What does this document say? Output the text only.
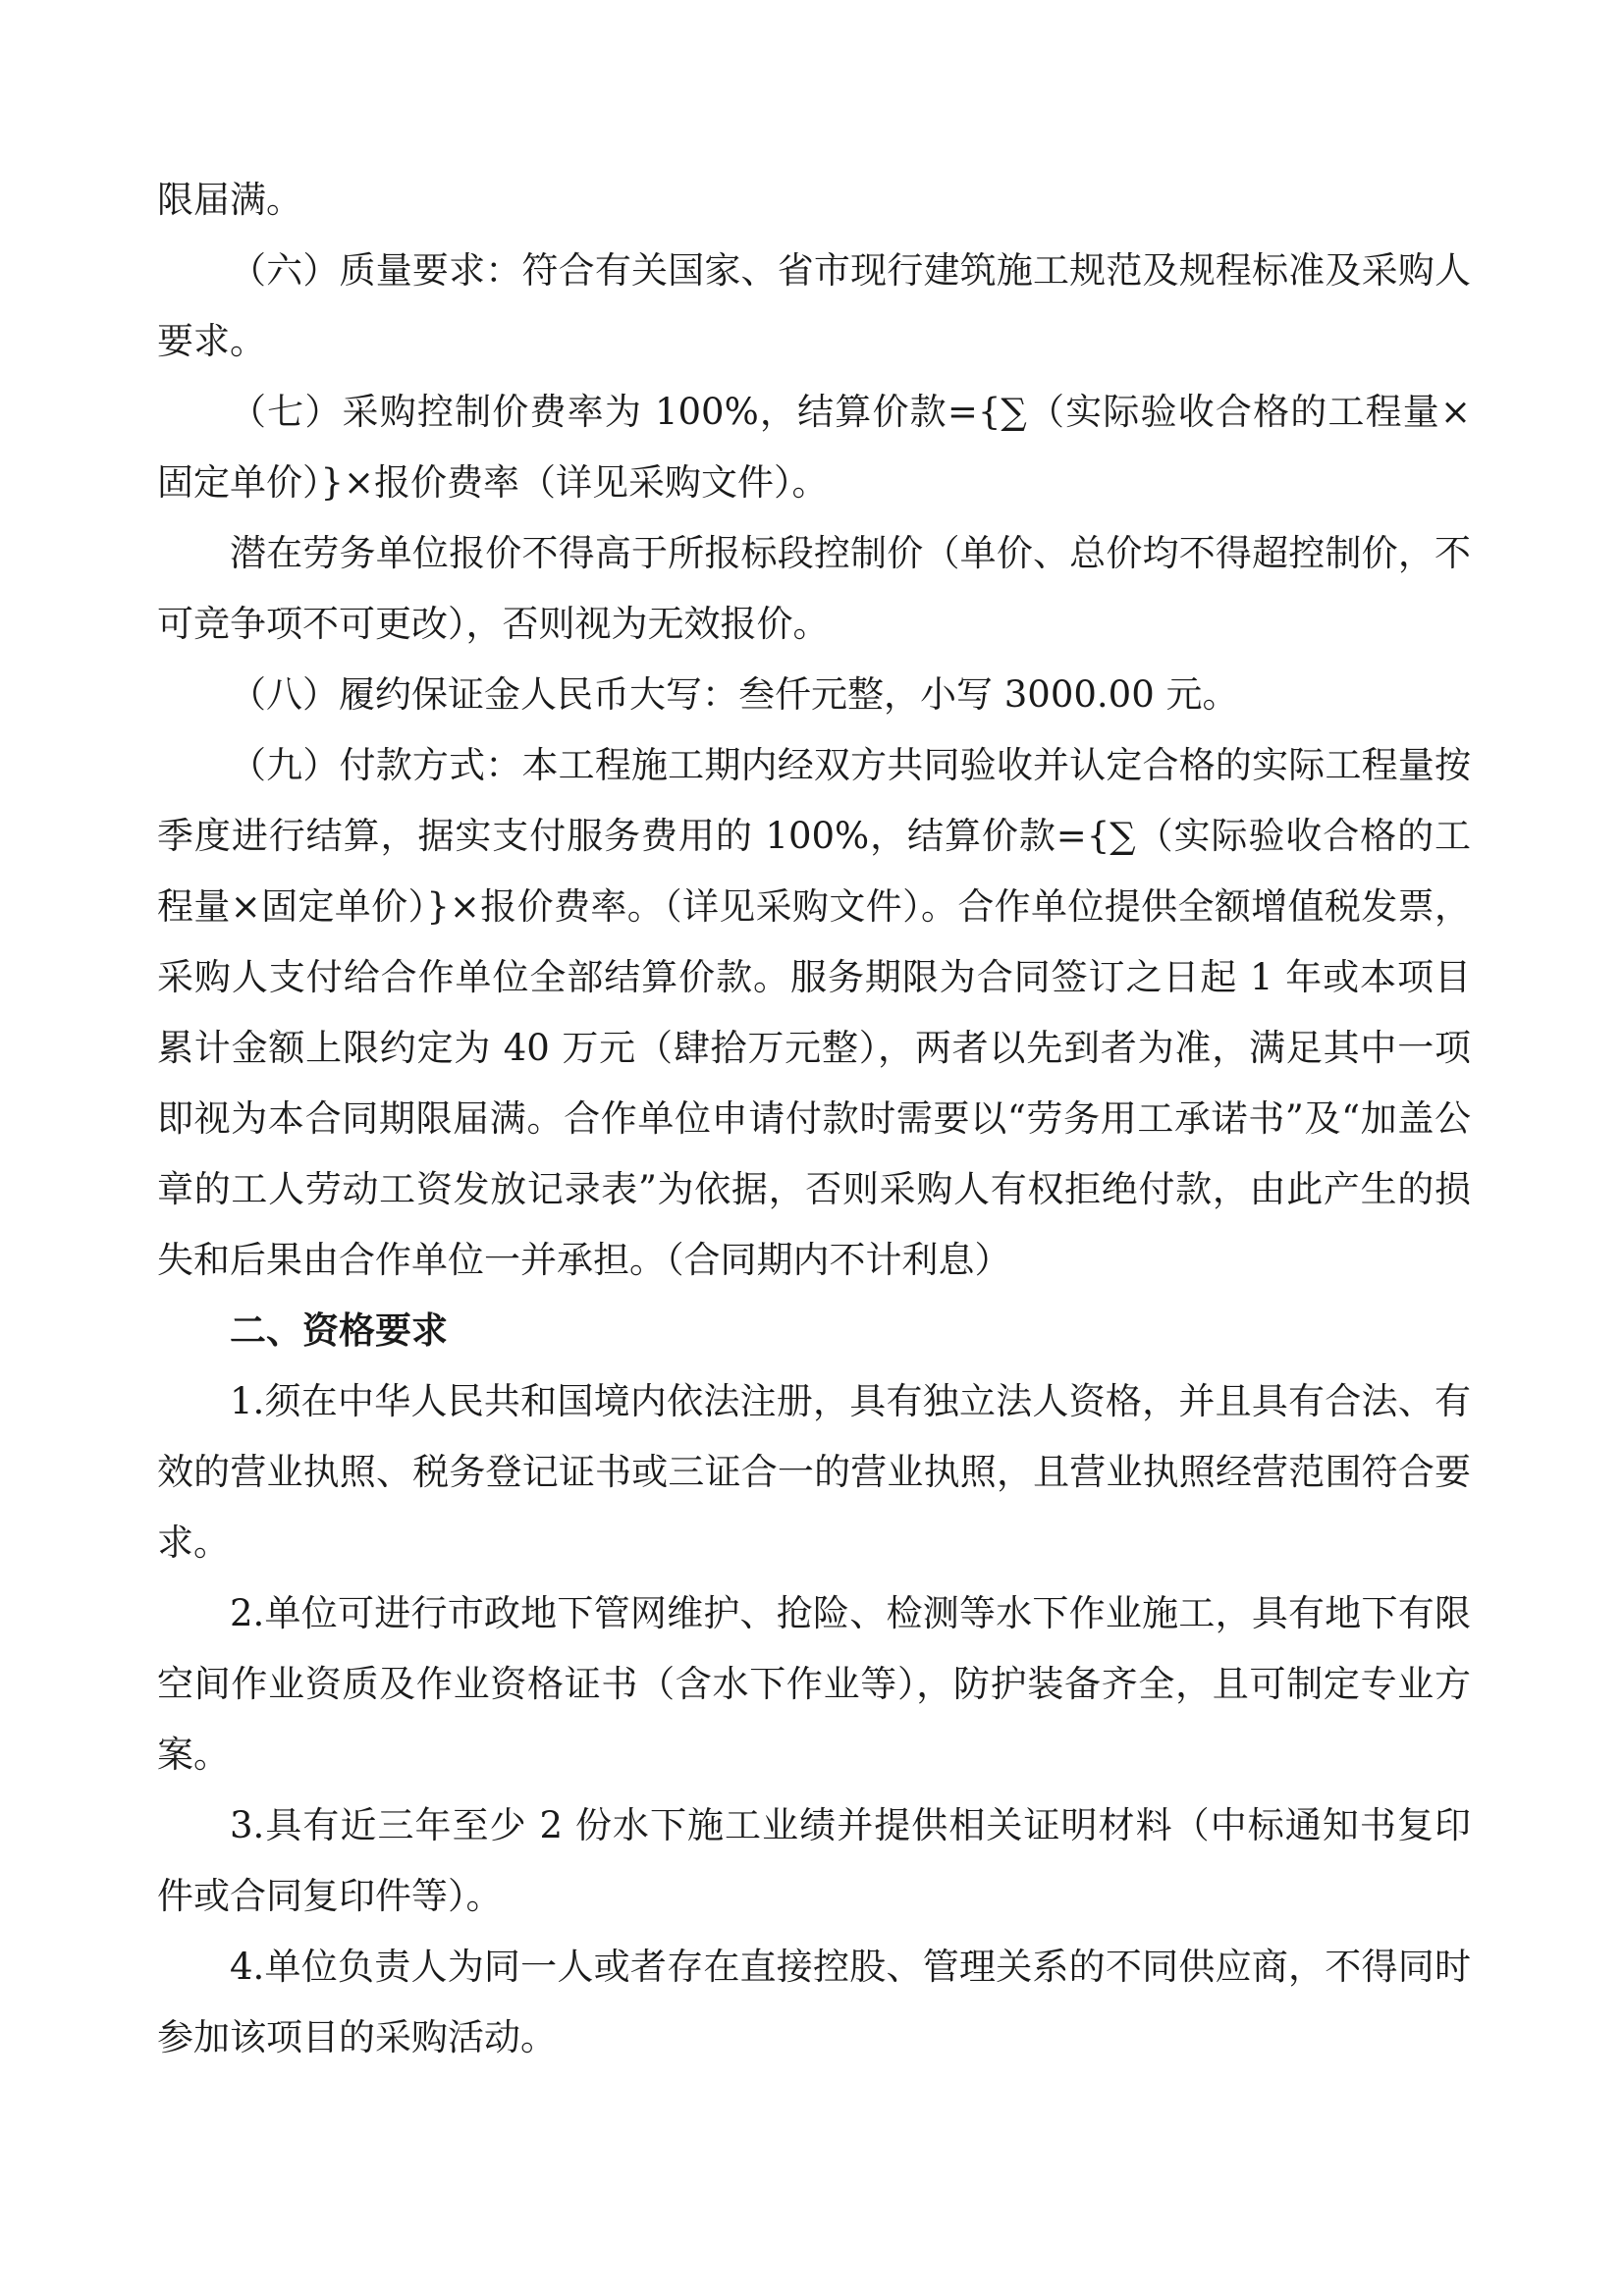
限届满。

（六）质量要求：符合有关国家、省市现行建筑施工规范及规程标准及采购人要求。

（七）采购控制价费率为 100%，结算价款={∑（实际验收合格的工程量×固定单价）}×报价费率（详见采购文件）。

潜在劳务单位报价不得高于所报标段控制价（单价、总价均不得超控制价，不可竞争项不可更改），否则视为无效报价。

（八）履约保证金人民币大写：叁仟元整，小写 3000.00 元。

（九）付款方式：本工程施工期内经双方共同验收并认定合格的实际工程量按季度进行结算，据实支付服务费用的 100%，结算价款={∑（实际验收合格的工程量×固定单价）}×报价费率。（详见采购文件）。合作单位提供全额增值税发票，采购人支付给合作单位全部结算价款。服务期限为合同签订之日起 1 年或本项目累计金额上限约定为 40 万元（肆拾万元整），两者以先到者为准，满足其中一项即视为本合同期限届满。合作单位申请付款时需要以“劳务用工承诺书”及“加盖公章的工人劳动工资发放记录表”为依据，否则采购人有权拒绝付款，由此产生的损失和后果由合作单位一并承担。（合同期内不计利息）

二、资格要求

1.须在中华人民共和国境内依法注册，具有独立法人资格，并且具有合法、有效的营业执照、税务登记证书或三证合一的营业执照，且营业执照经营范围符合要求。

2.单位可进行市政地下管网维护、抢险、检测等水下作业施工，具有地下有限空间作业资质及作业资格证书（含水下作业等），防护装备齐全，且可制定专业方案。

3.具有近三年至少 2 份水下施工业绩并提供相关证明材料（中标通知书复印件或合同复印件等）。

4.单位负责人为同一人或者存在直接控股、管理关系的不同供应商，不得同时参加该项目的采购活动。
